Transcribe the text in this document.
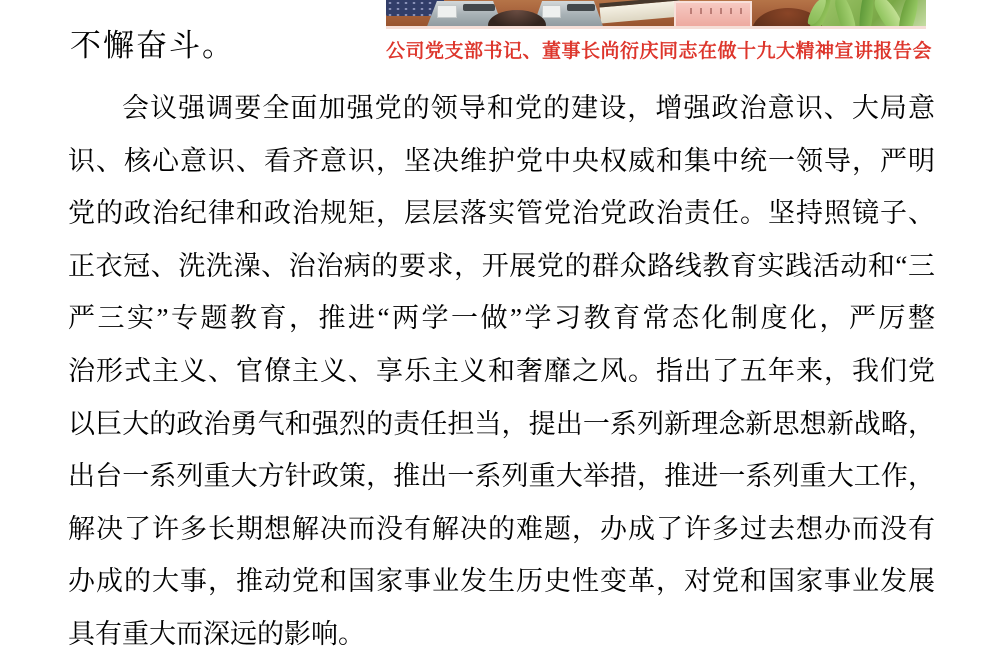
不懈奋斗。	公司党支部书记、董事长尚衍庆同志在做十九大精神宣讲报告会
会议强调要全面加强党的领导和党的建设，增强政治意识、大局意
识、核心意识、看齐意识，坚决维护党中央权威和集中统一领导，严明
党的政治纪律和政治规矩，层层落实管党治党政治责任。坚持照镜子、
正衣冠、洗洗澡、治治病的要求，开展党的群众路线教育实践活动和“三
严三实”专题教育，推进“两学一做”学习教育常态化制度化，严厉整
治形式主义、官僚主义、享乐主义和奢靡之风。指出了五年来，我们党
以巨大的政治勇气和强烈的责任担当，提出一系列新理念新思想新战略，
出台一系列重大方针政策，推出一系列重大举措，推进一系列重大工作，
解决了许多长期想解决而没有解决的难题，办成了许多过去想办而没有
办成的大事，推动党和国家事业发生历史性变革，对党和国家事业发展
具有重大而深远的影响。
